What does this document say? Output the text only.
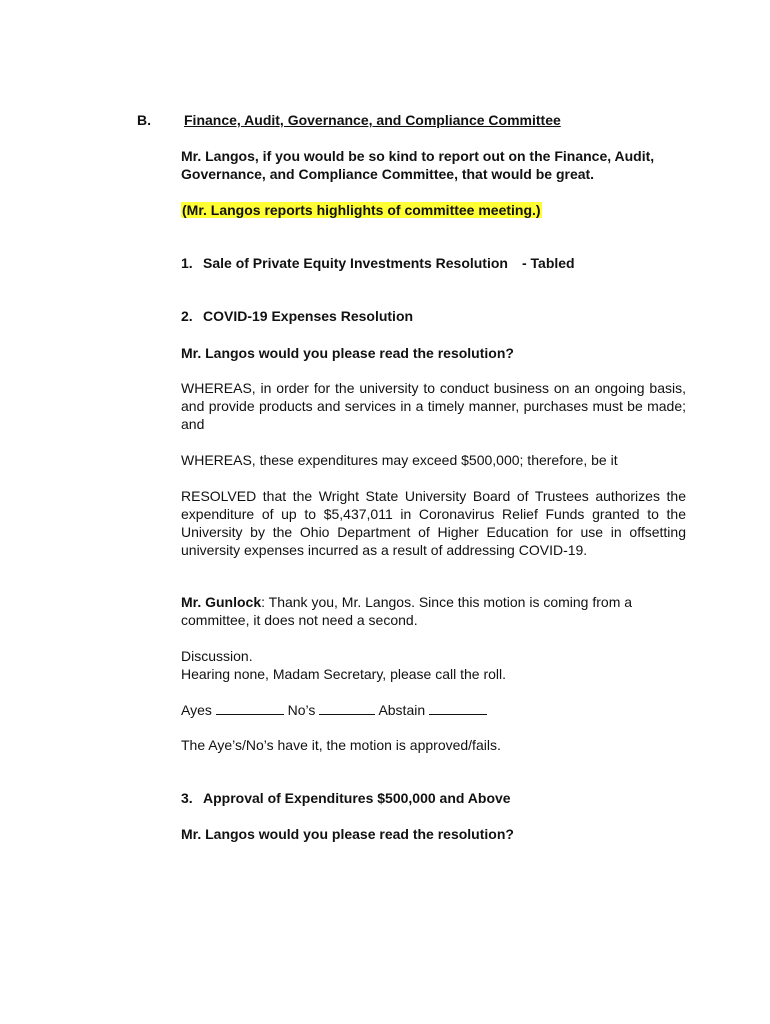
B. Finance, Audit, Governance, and Compliance Committee
Mr. Langos, if you would be so kind to report out on the Finance, Audit, Governance, and Compliance Committee, that would be great.
(Mr. Langos reports highlights of committee meeting.)
1. Sale of Private Equity Investments Resolution - Tabled
2. COVID-19 Expenses Resolution
Mr. Langos would you please read the resolution?
WHEREAS, in order for the university to conduct business on an ongoing basis, and provide products and services in a timely manner, purchases must be made; and
WHEREAS, these expenditures may exceed $500,000; therefore, be it
RESOLVED that the Wright State University Board of Trustees authorizes the expenditure of up to $5,437,011 in Coronavirus Relief Funds granted to the University by the Ohio Department of Higher Education for use in offsetting university expenses incurred as a result of addressing COVID-19.
Mr. Gunlock: Thank you, Mr. Langos. Since this motion is coming from a committee, it does not need a second.
Discussion.
Hearing none, Madam Secretary, please call the roll.
Ayes	No’s	Abstain
The Aye’s/No’s have it, the motion is approved/fails.
3. Approval of Expenditures $500,000 and Above
Mr. Langos would you please read the resolution?
